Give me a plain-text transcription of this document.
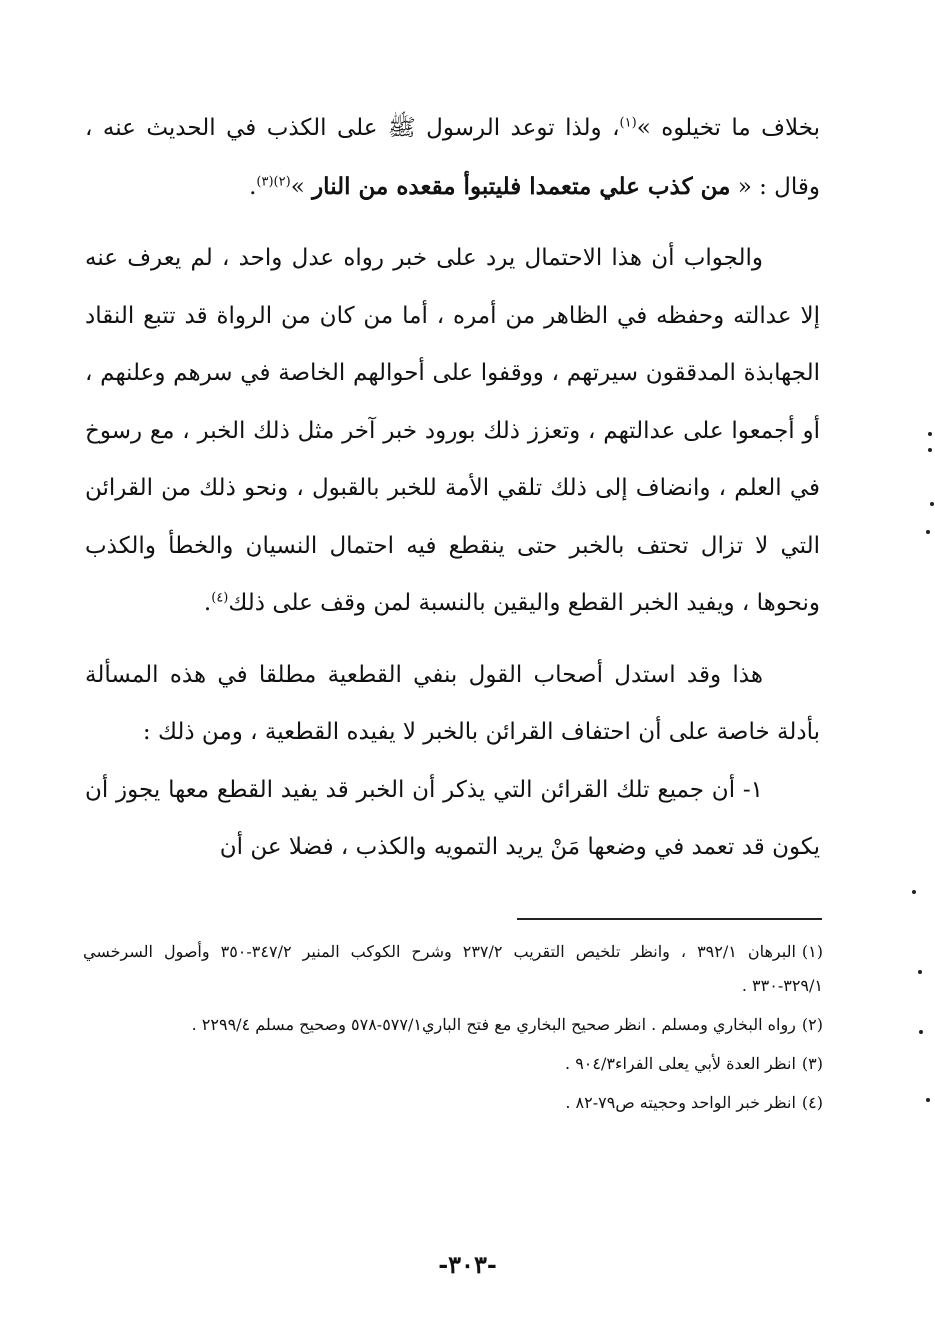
بخلاف ما تخيلوه »$^{(١)}$، ولذا توعد الرسول ﷺ على الكذب في الحديث عنه ، وقال : « من كذب علي متعمدا فليتبوأ مقعده من النار »$^{(٢)(٣)}$.

والجواب أن هذا الاحتمال يرد على خبر رواه عدل واحد ، لم يعرف عنه إلا عدالته وحفظه في الظاهر من أمره ، أما من كان من الرواة قد تتبع النقاد الجهابذة المدققون سيرتهم ، ووقفوا على أحوالهم الخاصة في سرهم وعلنهم ، أو أجمعوا على عدالتهم ، وتعزز ذلك بورود خبر آخر مثل ذلك الخبر ، مع رسوخ في العلم ، وانضاف إلى ذلك تلقي الأمة للخبر بالقبول ، ونحو ذلك من القرائن التي لا تزال تحتف بالخبر حتى ينقطع فيه احتمال النسيان والخطأ والكذب ونحوها ، ويفيد الخبر القطع واليقين بالنسبة لمن وقف على ذلك$^{(٤)}$.

هذا وقد استدل أصحاب القول بنفي القطعية مطلقا في هذه المسألة بأدلة خاصة على أن احتفاف القرائن بالخبر لا يفيده القطعية ، ومن ذلك :

١- أن جميع تلك القرائن التي يذكر أن الخبر قد يفيد القطع معها يجوز أن يكون قد تعمد في وضعها مَنْ يريد التمويه والكذب ، فضلا عن أن

(١)البرهان ٣٩٢/١ ، وانظر تلخيص التقريب ٢٣٧/٢ وشرح الكوكب المنير ٣٤٧/٢-٣٥٠ وأصول السرخسي ٣٢٩/١-٣٣٠ .

(٢)رواه البخاري ومسلم . انظر صحيح البخاري مع فتح الباري٥٧٧/١-٥٧٨ وصحيح مسلم ٢٢٩٩/٤ .

(٣)انظر العدة لأبي يعلى الفراء٩٠٤/٣ .

(٤)انظر خبر الواحد وحجيته ص٧٩-٨٢ .

-٣٠٣-
